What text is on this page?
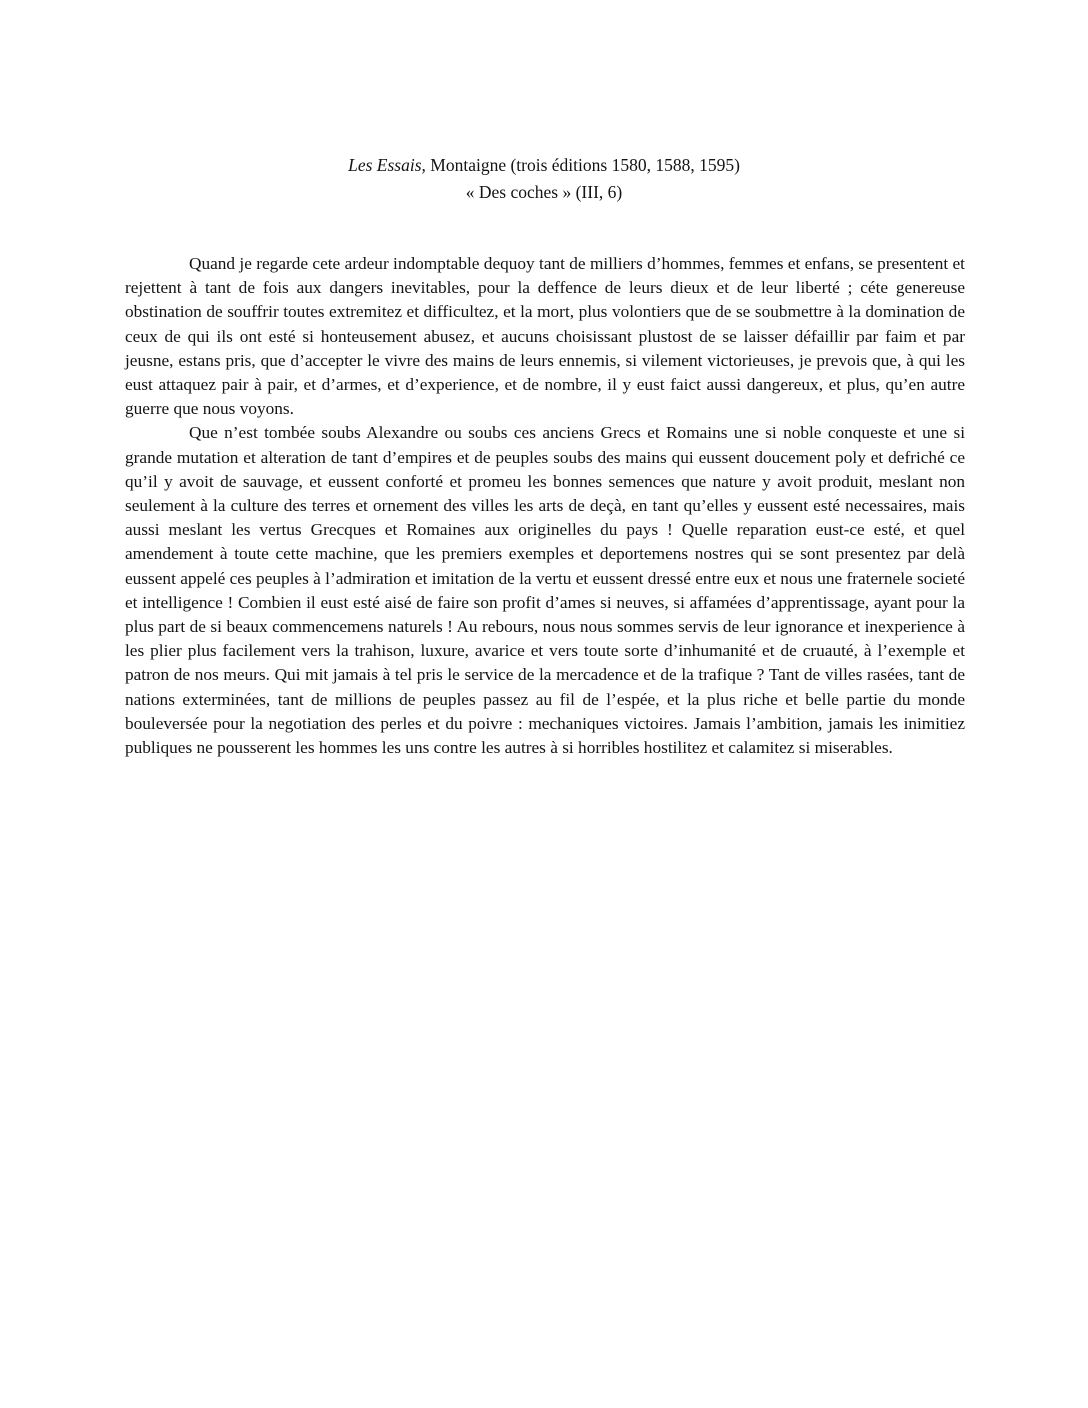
Les Essais, Montaigne (trois éditions 1580, 1588, 1595)

« Des coches » (III, 6)

Quand je regarde cete ardeur indomptable dequoy tant de milliers d’hommes, femmes et enfans, se presentent et rejettent à tant de fois aux dangers inevitables, pour la deffence de leurs dieux et de leur liberté ; céte genereuse obstination de souffrir toutes extremitez et difficultez, et la mort, plus volontiers que de se soubmettre à la domination de ceux de qui ils ont esté si honteusement abusez, et aucuns choisissant plustost de se laisser défaillir par faim et par jeusne, estans pris, que d’accepter le vivre des mains de leurs ennemis, si vilement victorieuses, je prevois que, à qui les eust attaquez pair à pair, et d’armes, et d’experience, et de nombre, il y eust faict aussi dangereux, et plus, qu’en autre guerre que nous voyons.

Que n’est tombée soubs Alexandre ou soubs ces anciens Grecs et Romains une si noble conqueste et une si grande mutation et alteration de tant d’empires et de peuples soubs des mains qui eussent doucement poly et defriché ce qu’il y avoit de sauvage, et eussent conforté et promeu les bonnes semences que nature y avoit produit, meslant non seulement à la culture des terres et ornement des villes les arts de deçà, en tant qu’elles y eussent esté necessaires, mais aussi meslant les vertus Grecques et Romaines aux originelles du pays ! Quelle reparation eust-ce esté, et quel amendement à toute cette machine, que les premiers exemples et deportemens nostres qui se sont presentez par delà eussent appelé ces peuples à l’admiration et imitation de la vertu et eussent dressé entre eux et nous une fraternele societé et intelligence ! Combien il eust esté aisé de faire son profit d’ames si neuves, si affamées d’apprentissage, ayant pour la plus part de si beaux commencemens naturels ! Au rebours, nous nous sommes servis de leur ignorance et inexperience à les plier plus facilement vers la trahison, luxure, avarice et vers toute sorte d’inhumanité et de cruauté, à l’exemple et patron de nos meurs. Qui mit jamais à tel pris le service de la mercadence et de la trafique ? Tant de villes rasées, tant de nations exterminées, tant de millions de peuples passez au fil de l’espée, et la plus riche et belle partie du monde bouleversée pour la negotiation des perles et du poivre : mechaniques victoires. Jamais l’ambition, jamais les inimitiez publiques ne pousserent les hommes les uns contre les autres à si horribles hostilitez et calamitez si miserables.
